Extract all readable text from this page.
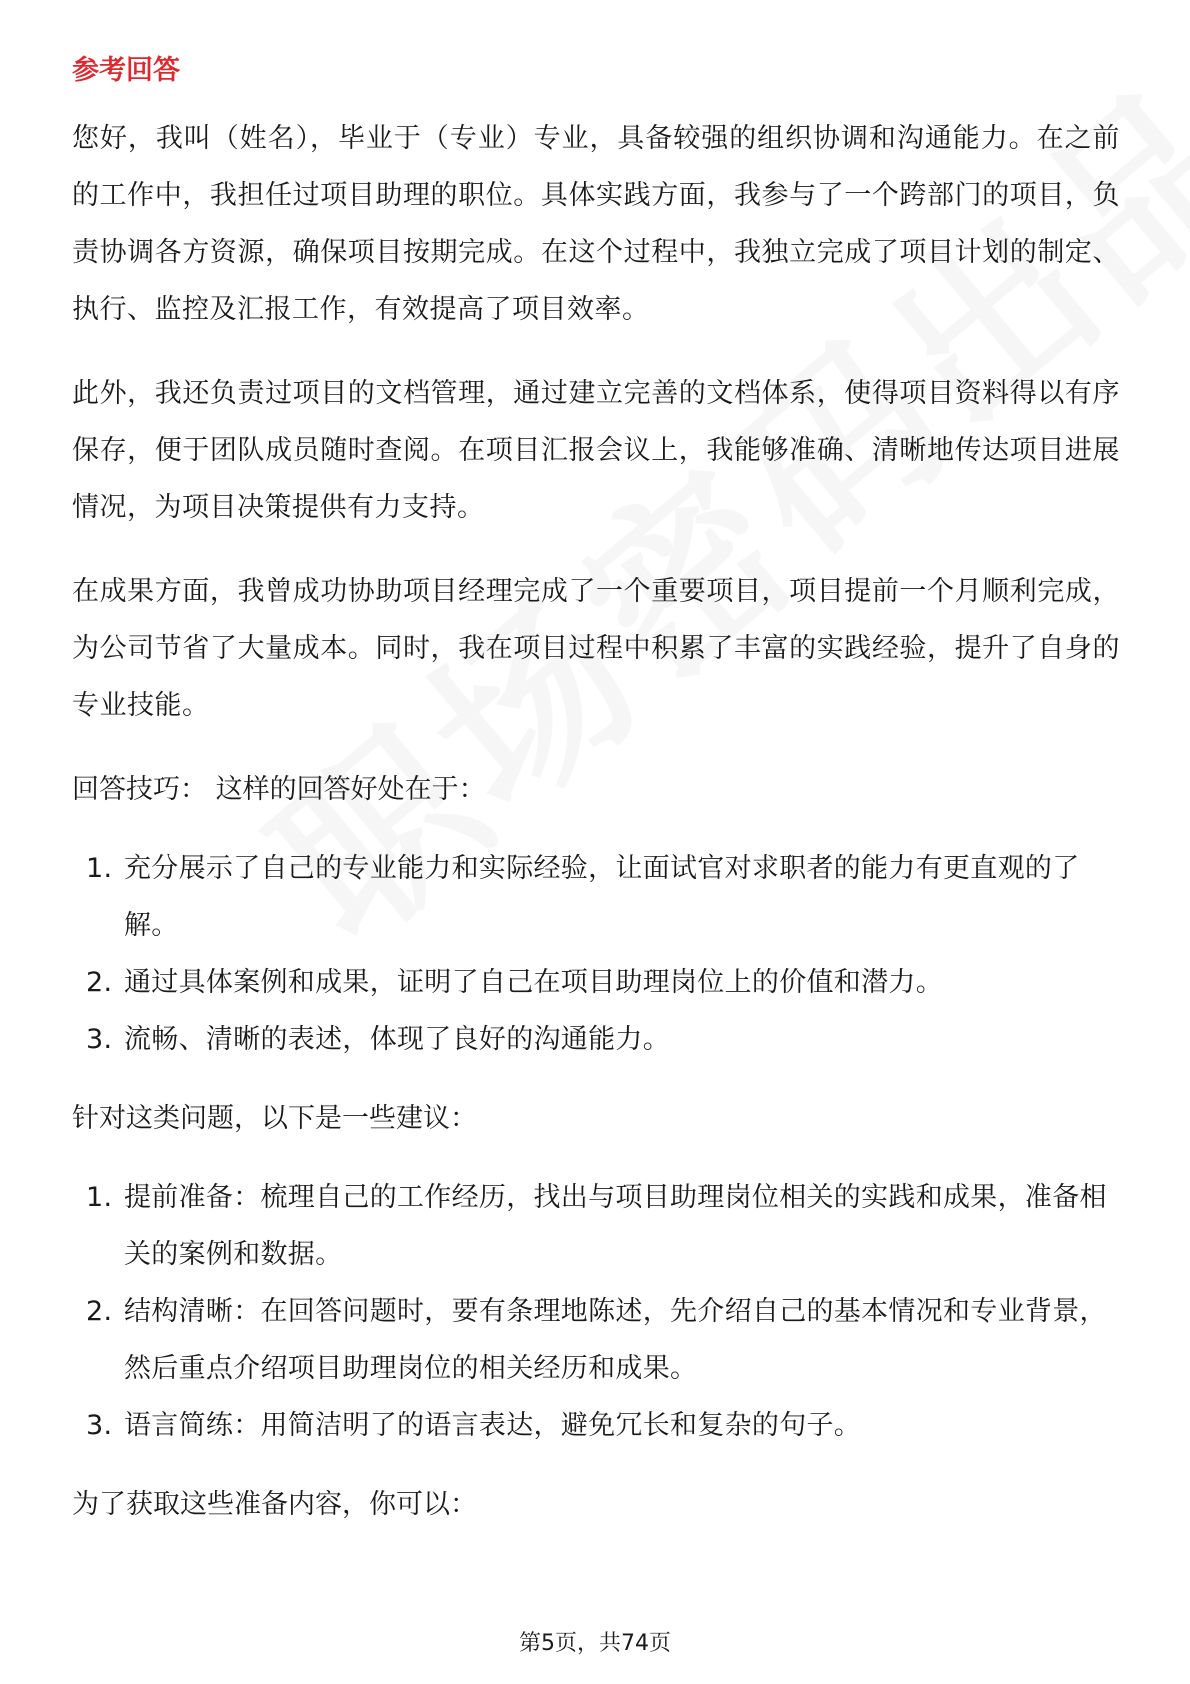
参考回答

您好，我叫（姓名），毕业于（专业）专业，具备较强的组织协调和沟通能力。在之前的工作中，我担任过项目助理的职位。具体实践方面，我参与了一个跨部门的项目，负责协调各方资源，确保项目按期完成。在这个过程中，我独立完成了项目计划的制定、执行、监控及汇报工作，有效提高了项目效率。

此外，我还负责过项目的文档管理，通过建立完善的文档体系，使得项目资料得以有序保存，便于团队成员随时查阅。在项目汇报会议上，我能够准确、清晰地传达项目进展情况，为项目决策提供有力支持。

在成果方面，我曾成功协助项目经理完成了一个重要项目，项目提前一个月顺利完成，为公司节省了大量成本。同时，我在项目过程中积累了丰富的实践经验，提升了自身的专业技能。

回答技巧： 这样的回答好处在于：

1. 充分展示了自己的专业能力和实际经验，让面试官对求职者的能力有更直观的了解。
2. 通过具体案例和成果，证明了自己在项目助理岗位上的价值和潜力。
3. 流畅、清晰的表述，体现了良好的沟通能力。

针对这类问题，以下是一些建议：

1. 提前准备：梳理自己的工作经历，找出与项目助理岗位相关的实践和成果，准备相关的案例和数据。
2. 结构清晰：在回答问题时，要有条理地陈述，先介绍自己的基本情况和专业背景，然后重点介绍项目助理岗位的相关经历和成果。
3. 语言简练：用简洁明了的语言表达，避免冗长和复杂的句子。

为了获取这些准备内容，你可以：

第5页，共74页
